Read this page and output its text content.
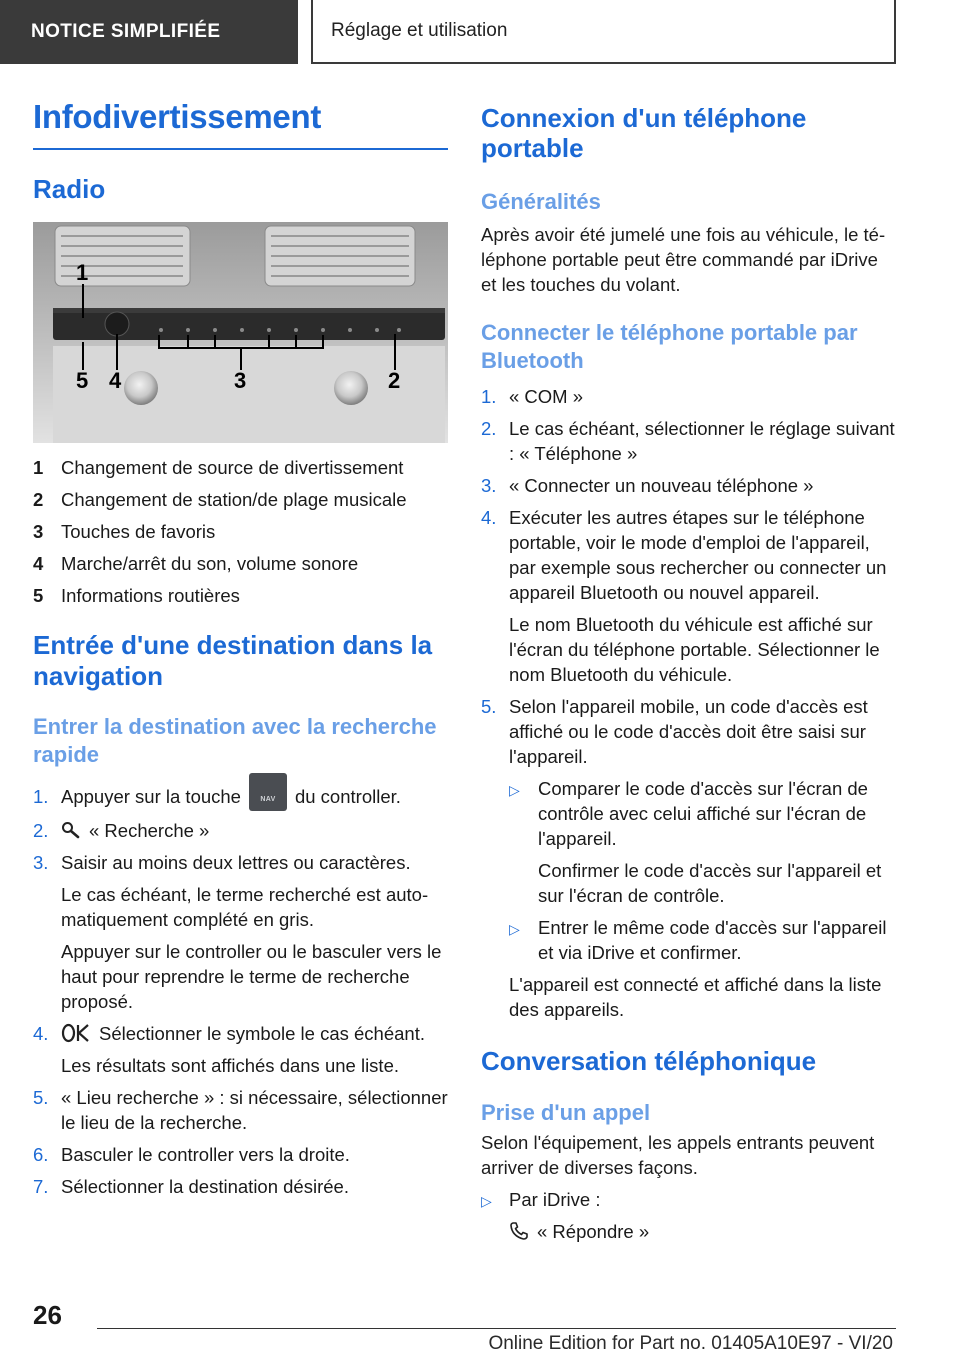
NOTICE SIMPLIFIÉE	Réglage et utilisation
Infodivertissement
Radio
1
5 4	3	2
1 Changement de source de divertissement
2 Changement de station/de plage musicale
3 Touches de favoris
4 Marche/arrêt du son, volume sonore
5 Informations routières
Entrée d'une destination dans la navigation
Entrer la destination avec la recherche rapide
1. Appuyer sur la touche	NAV	du controller.
2.	« Recherche »
3. Saisir au moins deux lettres ou caractères.
Le cas échéant, le terme recherché est automatiquement complété en gris.
Appuyer sur le controller ou le basculer vers le haut pour reprendre le terme de recherche proposé.
4.	Sélectionner le symbole le cas échéant.
Les résultats sont affichés dans une liste.
5. « Lieu recherche » : si nécessaire, sélectionner le lieu de la recherche.
6. Basculer le controller vers la droite.
7. Sélectionner la destination désirée.
Connexion d'un téléphone portable
Généralités
Après avoir été jumelé une fois au véhicule, le téléphone portable peut être commandé par iDrive et les touches du volant.
Connecter le téléphone portable par Bluetooth
1. « COM »
2. Le cas échéant, sélectionner le réglage suivant : « Téléphone »
3. « Connecter un nouveau téléphone »
4. Exécuter les autres étapes sur le téléphone portable, voir le mode d'emploi de l'appareil, par exemple sous rechercher ou connecter un appareil Bluetooth ou nouvel appareil.
Le nom Bluetooth du véhicule est affiché sur l'écran du téléphone portable. Sélectionner le nom Bluetooth du véhicule.
5. Selon l'appareil mobile, un code d'accès est affiché ou le code d'accès doit être saisi sur l'appareil.
▷ Comparer le code d'accès sur l'écran de contrôle avec celui affiché sur l'écran de l'appareil.
Confirmer le code d'accès sur l'appareil et sur l'écran de contrôle.
▷ Entrer le même code d'accès sur l'appareil et via iDrive et confirmer.
L'appareil est connecté et affiché dans la liste des appareils.
Conversation téléphonique
Prise d'un appel
Selon l'équipement, les appels entrants peuvent arriver de diverses façons.
▷ Par iDrive :
« Répondre »
26
Online Edition for Part no. 01405A10E97 - VI/20
